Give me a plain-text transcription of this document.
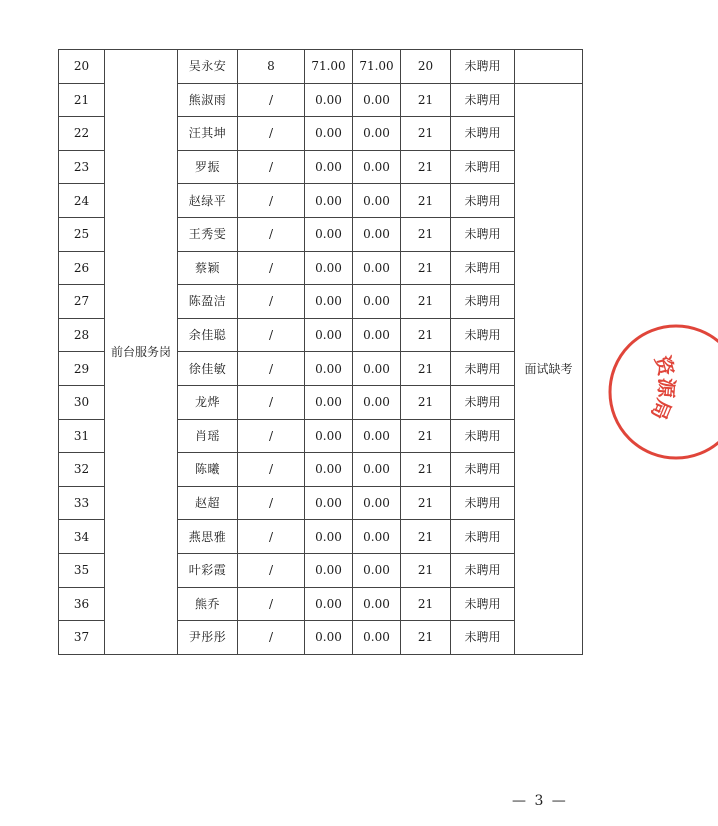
20	前台服务岗	吴永安	8	71.00	71.00	20	未聘用	
21		熊淑雨	/	0.00	0.00	21	未聘用	面试缺考
22		汪其坤	/	0.00	0.00	21	未聘用	
23		罗振	/	0.00	0.00	21	未聘用	
24		赵绿平	/	0.00	0.00	21	未聘用	
25		王秀雯	/	0.00	0.00	21	未聘用	
26		蔡颖	/	0.00	0.00	21	未聘用	
27		陈盈洁	/	0.00	0.00	21	未聘用	
28		余佳聪	/	0.00	0.00	21	未聘用	
29		徐佳敏	/	0.00	0.00	21	未聘用	
30		龙烨	/	0.00	0.00	21	未聘用	
31		肖瑶	/	0.00	0.00	21	未聘用	
32		陈曦	/	0.00	0.00	21	未聘用	
33		赵超	/	0.00	0.00	21	未聘用	
34		燕思雅	/	0.00	0.00	21	未聘用	
35		叶彩霞	/	0.00	0.00	21	未聘用	
36		熊乔	/	0.00	0.00	21	未聘用	
37		尹彤彤	/	0.00	0.00	21	未聘用	
— 3 —
资源局
